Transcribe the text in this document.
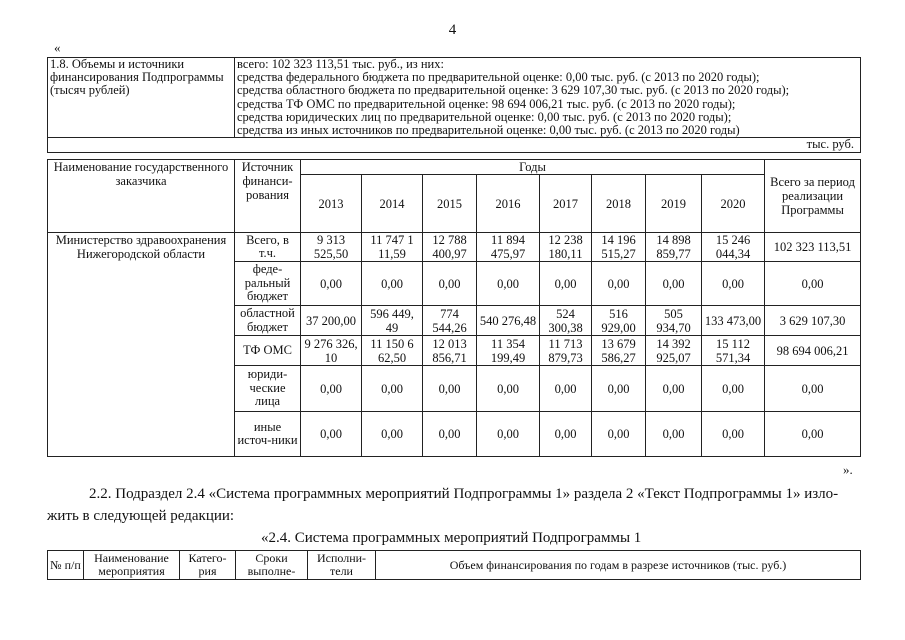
4
«
1.8. Объемы и источники финансирования Подпрограммы (тысяч рублей)	
всего: 102 323 113,51 тыс. руб., из них:
средства федерального бюджета по предварительной оценке: 0,00 тыс. руб. (с 2013 по 2020 годы);
средства областного бюджета по предварительной оценке: 3 629 107,30 тыс. руб. (с 2013 по 2020 годы);
средства ТФ ОМС по предварительной оценке: 98 694 006,21 тыс. руб. (с 2013 по 2020 годы);
средства юридических лиц по предварительной оценке: 0,00 тыс. руб. (с 2013 по 2020 годы);
средства из иных источников по предварительной оценке: 0,00 тыс. руб. (с 2013 по 2020 годы)

тыс. руб.
Наименование государственного заказчика	Источник финанси-рования	Годы								Всего за период реализации Программы
		2013	2014	2015	2016	2017	2018	2019	2020	
Министерство здравоохранения Нижегородской области	Всего, в т.ч.	9 313 525,50	11 747 1 11,59	12 788 400,97	11 894 475,97	12 238 180,11	14 196 515,27	14 898 859,77	15 246 044,34	102 323 113,51
	феде-ральный бюджет	0,00	0,00	0,00	0,00	0,00	0,00	0,00	0,00	0,00
	областной бюджет	37 200,00	596 449, 49	774 544,26	540 276,48	524 300,38	516 929,00	505 934,70	133 473,00	3 629 107,30
	ТФ ОМС	9 276 326, 10	11 150 6 62,50	12 013 856,71	11 354 199,49	11 713 879,73	13 679 586,27	14 392 925,07	15 112 571,34	98 694 006,21
	юриди-ческие лица	0,00	0,00	0,00	0,00	0,00	0,00	0,00	0,00	0,00
	иные источ-ники	0,00	0,00	0,00	0,00	0,00	0,00	0,00	0,00	0,00
».
2.2. Подраздел 2.4 «Система программных мероприятий Подпрограммы 1» раздела 2 «Текст Подпрограммы 1» изло-
жить в следующей редакции:
«2.4. Система программных мероприятий Подпрограммы 1
№ п/п	Наименование мероприятия	Катего-рия	Сроки выполне-	Исполни-тели	Объем финансирования по годам в разрезе источников (тыс. руб.)
